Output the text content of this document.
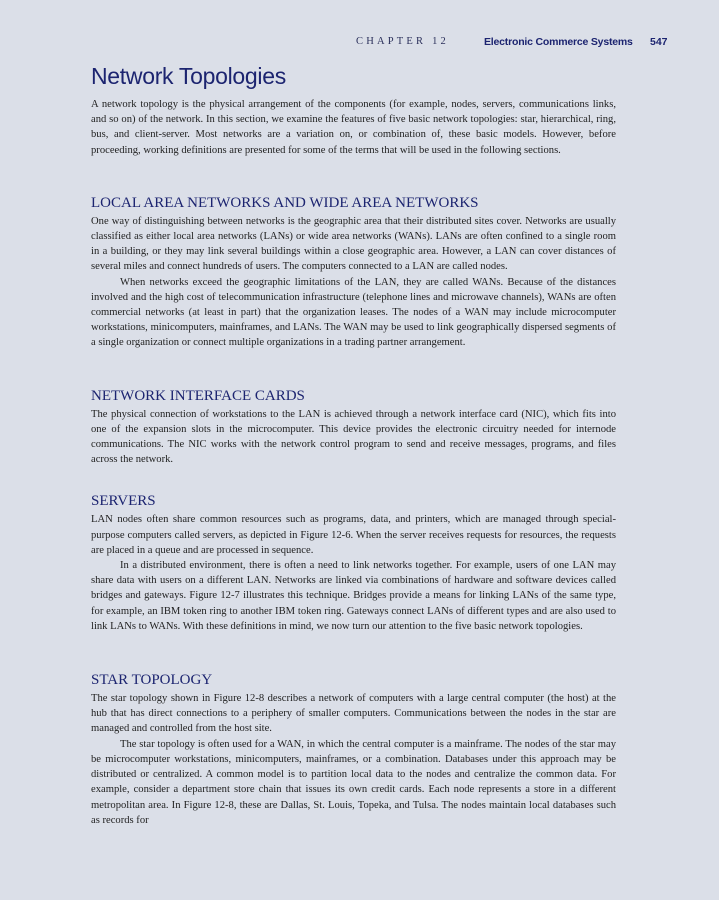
CHAPTER 12	Electronic Commerce Systems 547
Network Topologies

A network topology is the physical arrangement of the components (for example, nodes, servers, communications links, and so on) of the network. In this section, we examine the features of five basic network topologies: star, hierarchical, ring, bus, and client-server. Most networks are a variation on, or combination of, these basic models. However, before proceeding, working definitions are presented for some of the terms that will be used in the following sections.

LOCAL AREA NETWORKS AND WIDE AREA NETWORKS

One way of distinguishing between networks is the geographic area that their distributed sites cover. Networks are usually classified as either local area networks (LANs) or wide area networks (WANs). LANs are often confined to a single room in a building, or they may link several buildings within a close geographic area. However, a LAN can cover distances of several miles and connect hundreds of users. The computers connected to a LAN are called nodes.

When networks exceed the geographic limitations of the LAN, they are called WANs. Because of the distances involved and the high cost of telecommunication infrastructure (telephone lines and microwave channels), WANs are often commercial networks (at least in part) that the organization leases. The nodes of a WAN may include microcomputer workstations, minicomputers, mainframes, and LANs. The WAN may be used to link geographically dispersed segments of a single organization or connect multiple organizations in a trading partner arrangement.

NETWORK INTERFACE CARDS

The physical connection of workstations to the LAN is achieved through a network interface card (NIC), which fits into one of the expansion slots in the microcomputer. This device provides the electronic circuitry needed for internode communications. The NIC works with the network control program to send and receive messages, programs, and files across the network.

SERVERS

LAN nodes often share common resources such as programs, data, and printers, which are managed through special-purpose computers called servers, as depicted in Figure 12-6. When the server receives requests for resources, the requests are placed in a queue and are processed in sequence.

In a distributed environment, there is often a need to link networks together. For example, users of one LAN may share data with users on a different LAN. Networks are linked via combinations of hardware and software devices called bridges and gateways. Figure 12-7 illustrates this technique. Bridges provide a means for linking LANs of the same type, for example, an IBM token ring to another IBM token ring. Gateways connect LANs of different types and are also used to link LANs to WANs. With these definitions in mind, we now turn our attention to the five basic network topologies.

STAR TOPOLOGY

The star topology shown in Figure 12-8 describes a network of computers with a large central computer (the host) at the hub that has direct connections to a periphery of smaller computers. Communications between the nodes in the star are managed and controlled from the host site.

The star topology is often used for a WAN, in which the central computer is a mainframe. The nodes of the star may be microcomputer workstations, minicomputers, mainframes, or a combination. Databases under this approach may be distributed or centralized. A common model is to partition local data to the nodes and centralize the common data. For example, consider a department store chain that issues its own credit cards. Each node represents a store in a different metropolitan area. In Figure 12-8, these are Dallas, St. Louis, Topeka, and Tulsa. The nodes maintain local databases such as records for
